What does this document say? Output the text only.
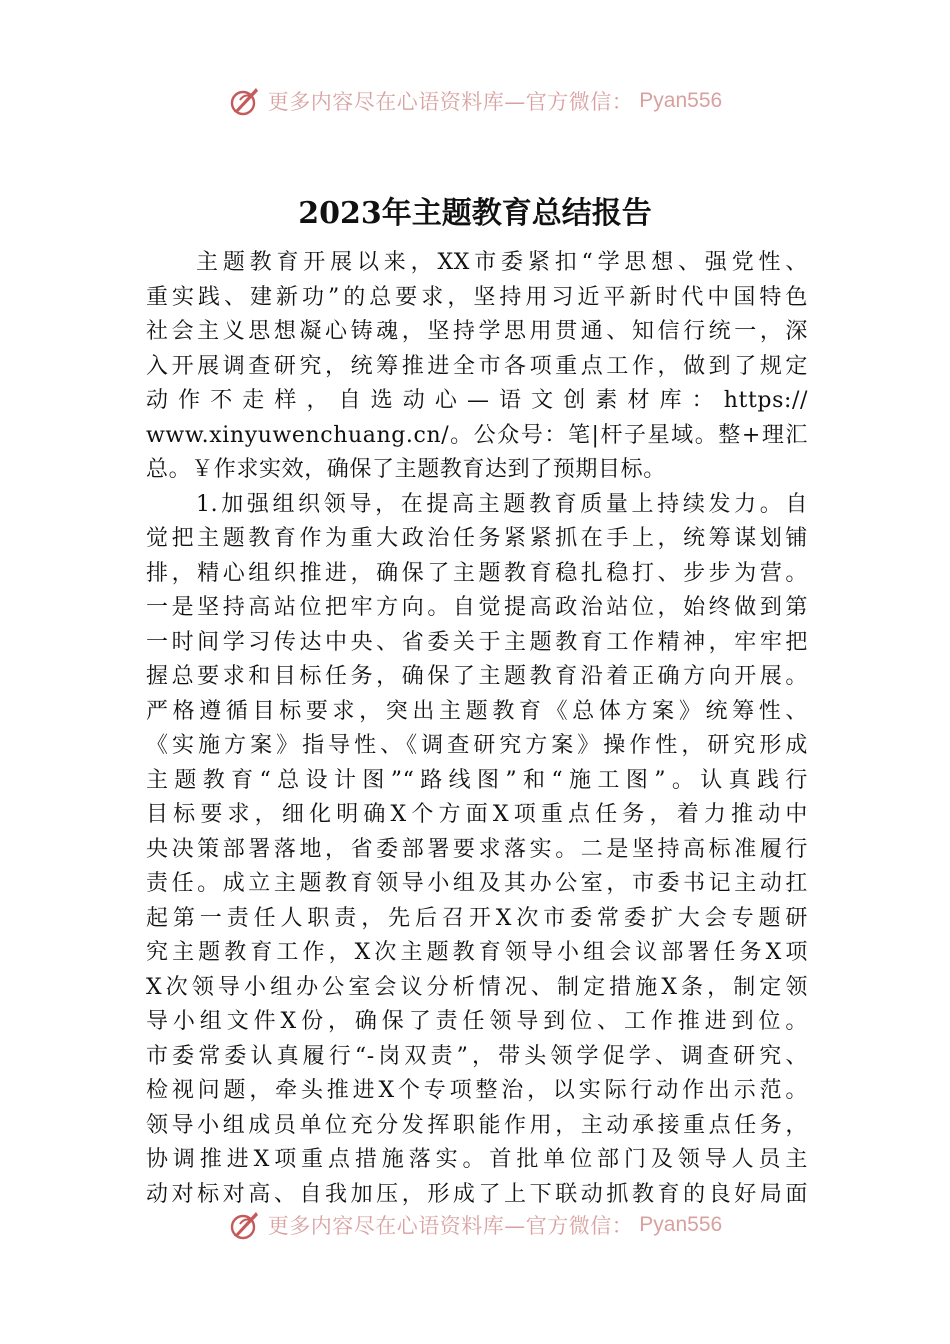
更多内容尽在心语资料库—官方微信： Pyan556
2023年主题教育总结报告
主题教育开展以来，XX市委紧扣“学思想、强党性、
重实践、建新功”的总要求，坚持用习近平新时代中国特色
社会主义思想凝心铸魂，坚持学思用贯通、知信行统一，深
入开展调查研究，统筹推进全市各项重点工作，做到了规定
动作不走样，自选动心—语文创素材库：https://
www.xinyuwenchuang.cn/。公众号：笔|杆子星域。整+理汇
总。￥作求实效，确保了主题教育达到了预期目标。
1.加强组织领导，在提高主题教育质量上持续发力。自
觉把主题教育作为重大政治任务紧紧抓在手上，统筹谋划铺
排，精心组织推进，确保了主题教育稳扎稳打、步步为营。
一是坚持高站位把牢方向。自觉提高政治站位，始终做到第
一时间学习传达中央、省委关于主题教育工作精神，牢牢把
握总要求和目标任务，确保了主题教育沿着正确方向开展。
严格遵循目标要求，突出主题教育《总体方案》统筹性、
《实施方案》指导性、《调查研究方案》操作性，研究形成
主题教育“总设计图”“路线图”和“施工图”。认真践行
目标要求，细化明确X个方面X项重点任务，着力推动中
央决策部署落地，省委部署要求落实。二是坚持高标准履行
责任。成立主题教育领导小组及其办公室，市委书记主动扛
起第一责任人职责，先后召开X次市委常委扩大会专题研
究主题教育工作，X次主题教育领导小组会议部署任务X项
X次领导小组办公室会议分析情况、制定措施X条，制定领
导小组文件X份，确保了责任领导到位、工作推进到位。
市委常委认真履行“-岗双责”，带头领学促学、调查研究、
检视问题，牵头推进X个专项整治，以实际行动作出示范。
领导小组成员单位充分发挥职能作用，主动承接重点任务，
协调推进X项重点措施落实。首批单位部门及领导人员主
动对标对高、自我加压，形成了上下联动抓教育的良好局面
更多内容尽在心语资料库—官方微信： Pyan556
